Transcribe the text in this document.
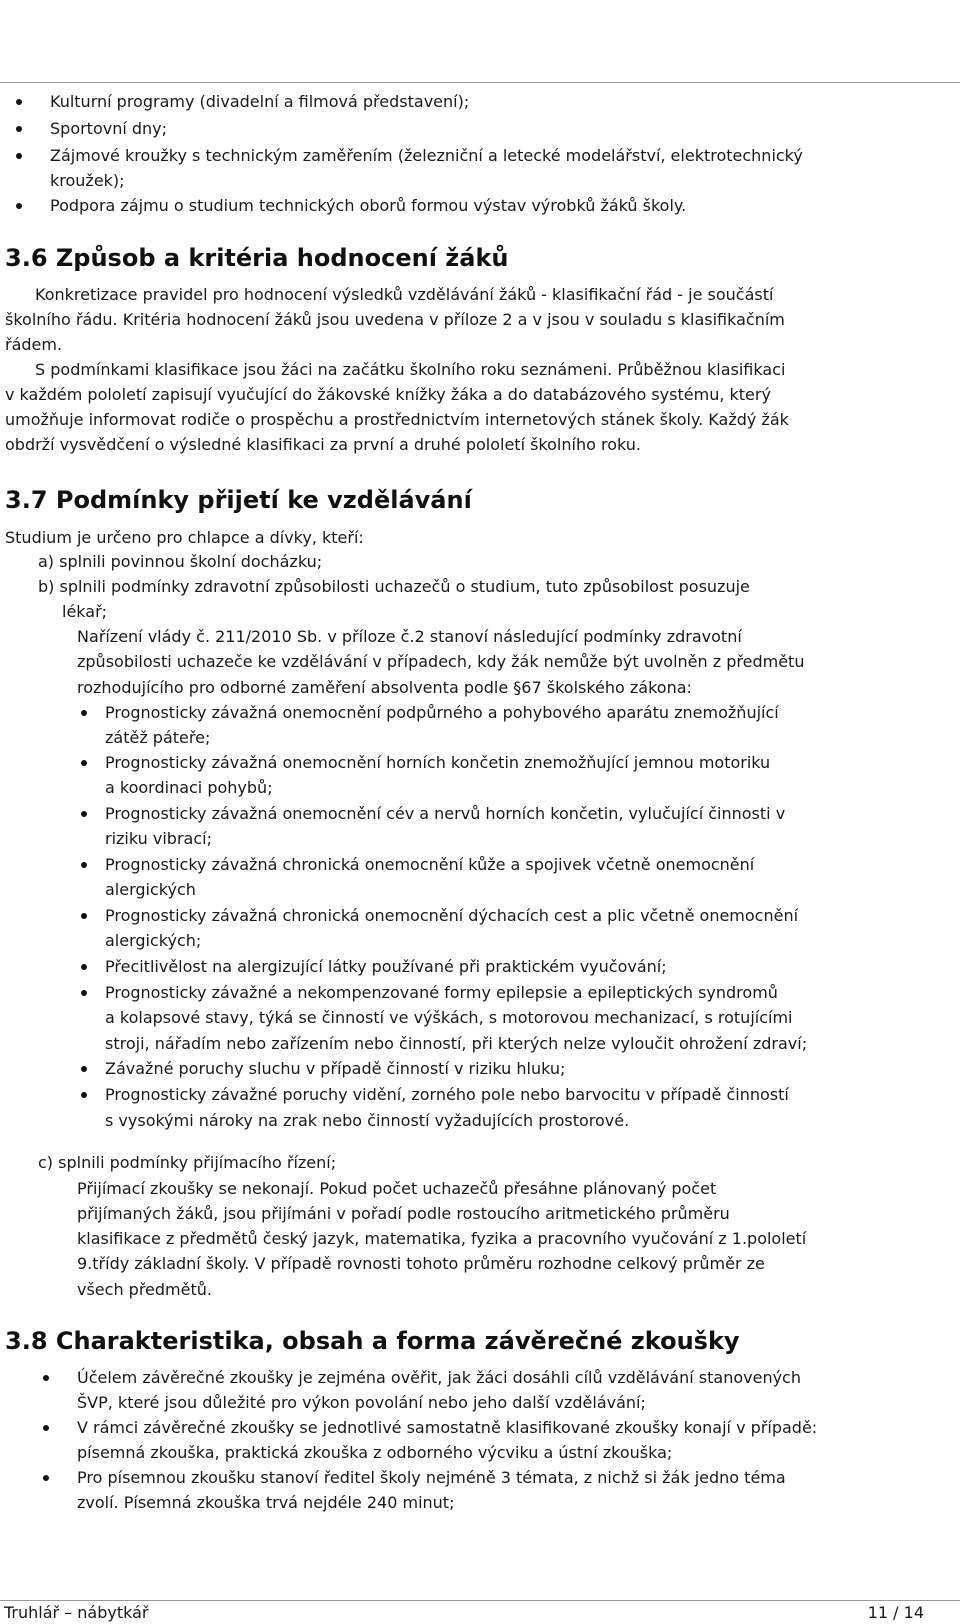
Vyšší odborná škola a Střední odborná škola technická Česká Třebová
33-56-H/01 Truhlář, ŠVP Truhlář - nábytkář, verze 1
Kulturní programy (divadelní a filmová představení);
Sportovní dny;
Zájmové kroužky s technickým zaměřením (železniční a letecké modelářství, elektrotechnický
kroužek);
Podpora zájmu o studium technických oborů formou výstav výrobků žáků školy.
3.6 Způsob a kritéria hodnocení žáků
Konkretizace pravidel pro hodnocení výsledků vzdělávání žáků - klasifikační řád - je součástí
školního řádu. Kritéria hodnocení žáků jsou uvedena v příloze 2 a v jsou v souladu s klasifikačním
řádem.
S podmínkami klasifikace jsou žáci na začátku školního roku seznámeni. Průběžnou klasifikaci
v každém pololetí zapisují vyučující do žákovské knížky žáka a do databázového systému, který
umožňuje informovat rodiče o prospěchu a prostřednictvím internetových stánek školy. Každý žák
obdrží vysvědčení o výsledné klasifikaci za první a druhé pololetí školního roku.
3.7 Podmínky přijetí ke vzdělávání
Studium je určeno pro chlapce a dívky, kteří:
a) splnili povinnou školní docházku;
b) splnili podmínky zdravotní způsobilosti uchazečů o studium, tuto způsobilost posuzuje
lékař;
Nařízení vlády č. 211/2010 Sb. v příloze č.2 stanoví následující podmínky zdravotní
způsobilosti uchazeče ke vzdělávání v případech, kdy žák nemůže být uvolněn z předmětu
rozhodujícího pro odborné zaměření absolventa podle §67 školského zákona:
Prognosticky závažná onemocnění podpůrného a pohybového aparátu znemožňující
zátěž páteře;
Prognosticky závažná onemocnění horních končetin znemožňující jemnou motoriku
a koordinaci pohybů;
Prognosticky závažná onemocnění cév a nervů horních končetin, vylučující činnosti v
riziku vibrací;
Prognosticky závažná chronická onemocnění kůže a spojivek včetně onemocnění
alergických
Prognosticky závažná chronická onemocnění dýchacích cest a plic včetně onemocnění
alergických;
Přecitlivělost na alergizující látky používané při praktickém vyučování;
Prognosticky závažné a nekompenzované formy epilepsie a epileptických syndromů
a kolapsové stavy, týká se činností ve výškách, s motorovou mechanizací, s rotujícími
stroji, nářadím nebo zařízením nebo činností, při kterých nelze vyloučit ohrožení zdraví;
Závažné poruchy sluchu v případě činností v riziku hluku;
Prognosticky závažné poruchy vidění, zorného pole nebo barvocitu v případě činností
s vysokými nároky na zrak nebo činností vyžadujících prostorové.
c) splnili podmínky přijímacího řízení;
Přijímací zkoušky se nekonají. Pokud počet uchazečů přesáhne plánovaný počet
přijímaných žáků, jsou přijímáni v pořadí podle rostoucího aritmetického průměru
klasifikace z předmětů český jazyk, matematika, fyzika a pracovního vyučování z 1.pololetí
9.třídy základní školy. V případě rovnosti tohoto průměru rozhodne celkový průměr ze
všech předmětů.
3.8 Charakteristika, obsah a forma závěrečné zkoušky
Účelem závěrečné zkoušky je zejména ověřit, jak žáci dosáhli cílů vzdělávání stanovených
ŠVP, které jsou důležité pro výkon povolání nebo jeho další vzdělávání;
V rámci závěrečné zkoušky se jednotlivé samostatně klasifikované zkoušky konají v případě:
písemná zkouška, praktická zkouška z odborného výcviku a ústní zkouška;
Pro písemnou zkoušku stanoví ředitel školy nejméně 3 témata, z nichž si žák jedno téma
zvolí. Písemná zkouška trvá nejdéle 240 minut;
Truhlář – nábytkář	11 / 14
